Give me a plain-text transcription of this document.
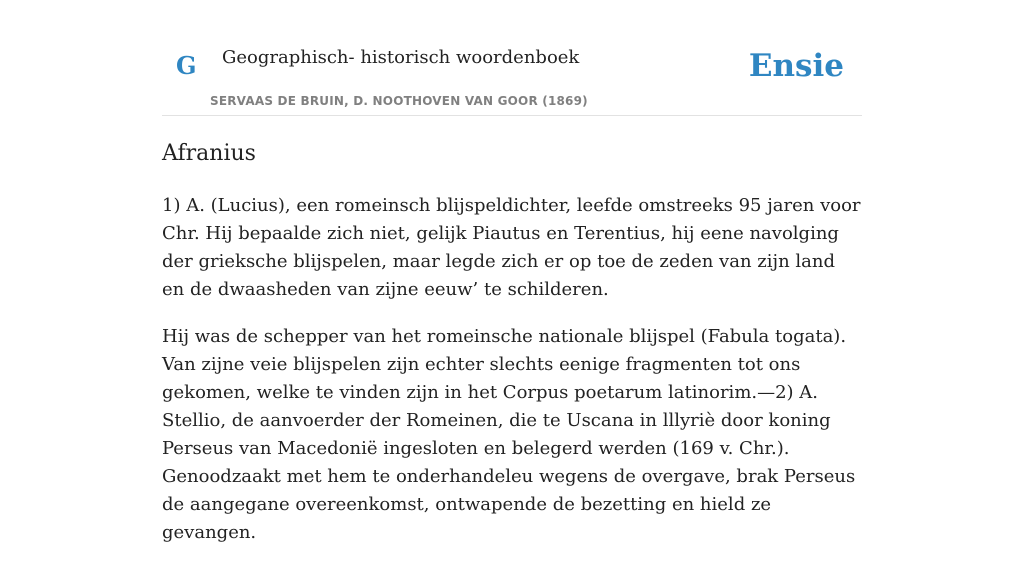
G Geographisch- historisch woordenboek
SERVAAS DE BRUIN, D. NOOTHOVEN VAN GOOR (1869)
Ensie
Afranius

1) A. (Lucius), een romeinsch blijspeldichter, leefde omstreeks 95 jaren voor Chr. Hij bepaalde zich niet, gelijk Piautus en Terentius, hij eene navolging der grieksche blijspelen, maar legde zich er op toe de zeden van zijn land en de dwaasheden van zijne eeuw’ te schilderen.

Hij was de schepper van het romeinsche nationale blijspel (Fabula togata). Van zijne veie blijspelen zijn echter slechts eenige fragmenten tot ons gekomen, welke te vinden zijn in het Corpus poetarum latinorim.—2) A. Stellio, de aanvoerder der Romeinen, die te Uscana in lllyriè door koning Perseus van Macedonië ingesloten en belegerd werden (169 v. Chr.). Genoodzaakt met hem te onderhandeleu wegens de overgave, brak Perseus de aangegane overeenkomst, ontwapende de bezetting en hield ze gevangen.
